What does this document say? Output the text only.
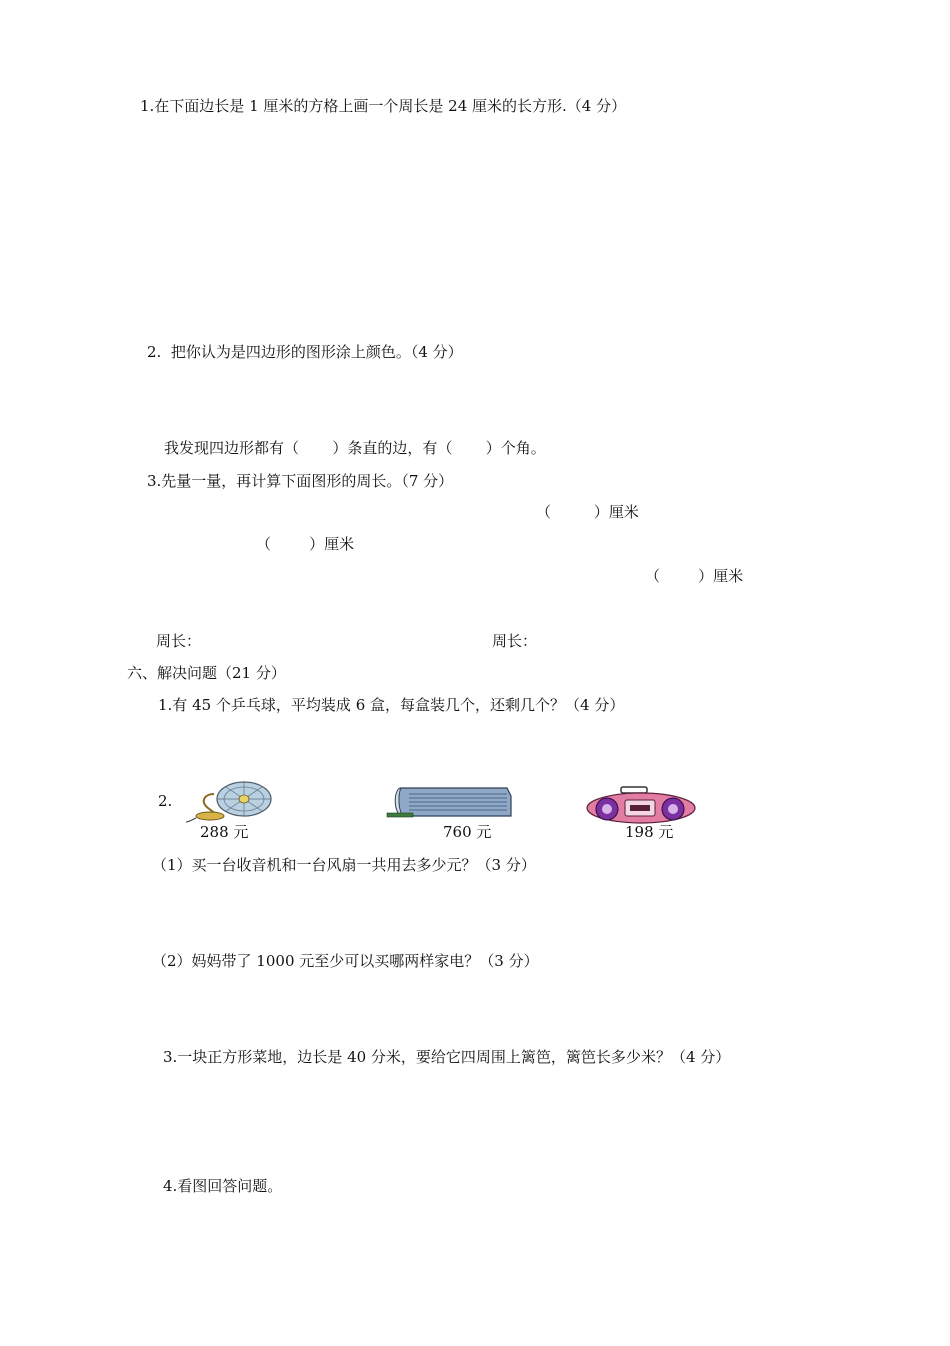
1.在下面边长是 1 厘米的方格上画一个周长是 24 厘米的长方形.（4 分）
2.  把你认为是四边形的图形涂上颜色。（4 分）
我发现四边形都有（       ）条直的边，有（       ）个角。
3.先量一量，再计算下面图形的周长。（7 分）
（         ）厘米
（        ）厘米
（        ）厘米
周长：	周长：
六、解决问题（21 分）
1.有 45 个乒乓球，平均装成 6 盒，每盒装几个，还剩几个？（4 分）
2.
288 元	760 元	198 元
（1）买一台收音机和一台风扇一共用去多少元？（3 分）
（2）妈妈带了 1000 元至少可以买哪两样家电？（3 分）
3.一块正方形菜地，边长是 40 分米，要给它四周围上篱笆，篱笆长多少米？（4 分）
4.看图回答问题。
